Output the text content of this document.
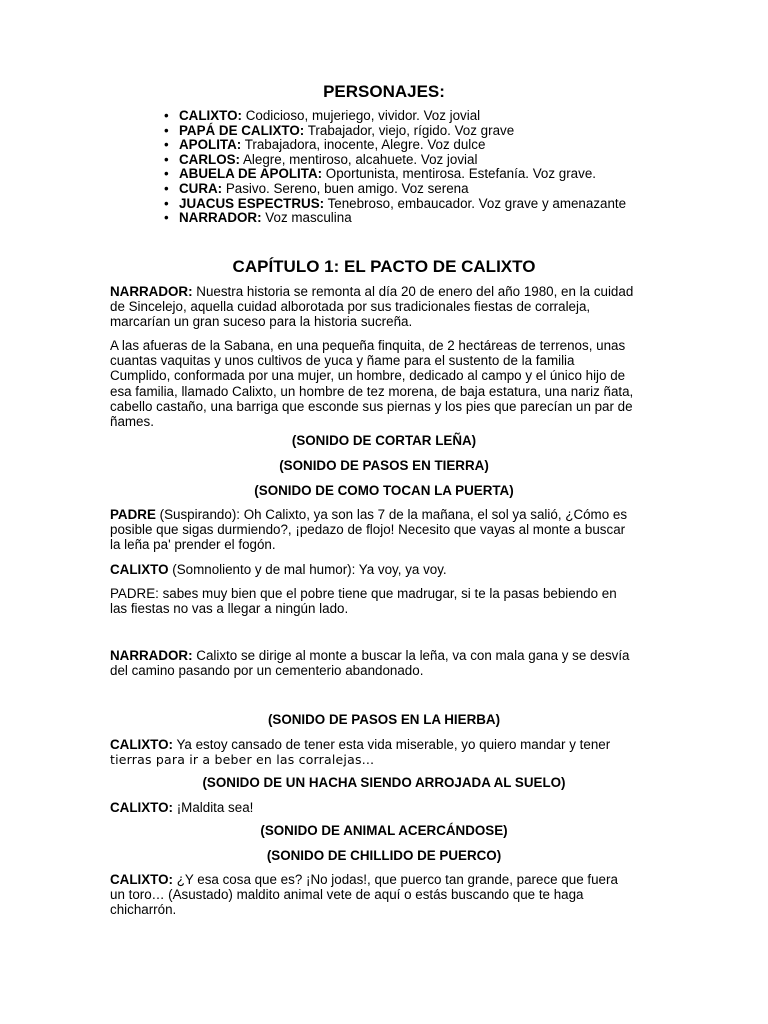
PERSONAJES:
• CALIXTO: Codicioso, mujeriego, vividor. Voz jovial
• PAPÁ DE CALIXTO: Trabajador, viejo, rígido. Voz grave
• APOLITA: Trabajadora, inocente, Alegre. Voz dulce
• CARLOS: Alegre, mentiroso, alcahuete. Voz jovial
• ABUELA DE APOLITA: Oportunista, mentirosa. Estefanía. Voz grave.
• CURA: Pasivo. Sereno, buen amigo. Voz serena
• JUACUS ESPECTRUS: Tenebroso, embaucador. Voz grave y amenazante
• NARRADOR: Voz masculina
CAPÍTULO 1: EL PACTO DE CALIXTO

NARRADOR: Nuestra historia se remonta al día 20 de enero del año 1980, en la cuidad de Sincelejo, aquella cuidad alborotada por sus tradicionales fiestas de corraleja, marcarían un gran suceso para la historia sucreña.

A las afueras de la Sabana, en una pequeña finquita, de 2 hectáreas de terrenos, unas cuantas vaquitas y unos cultivos de yuca y ñame para el sustento de la familia Cumplido, conformada por una mujer, un hombre, dedicado al campo y el único hijo de esa familia, llamado Calixto, un hombre de tez morena, de baja estatura, una nariz ñata, cabello castaño, una barriga que esconde sus piernas y los pies que parecían un par de ñames.

(SONIDO DE CORTAR LEÑA)

(SONIDO DE PASOS EN TIERRA)

(SONIDO DE COMO TOCAN LA PUERTA)

PADRE (Suspirando): Oh Calixto, ya son las 7 de la mañana, el sol ya salió, ¿Cómo es posible que sigas durmiendo?, ¡pedazo de flojo! Necesito que vayas al monte a buscar la leña pa' prender el fogón.

CALIXTO (Somnoliento y de mal humor): Ya voy, ya voy.

PADRE: sabes muy bien que el pobre tiene que madrugar, si te la pasas bebiendo en las fiestas no vas a llegar a ningún lado.

NARRADOR: Calixto se dirige al monte a buscar la leña, va con mala gana y se desvía del camino pasando por un cementerio abandonado.

(SONIDO DE PASOS EN LA HIERBA)

CALIXTO: Ya estoy cansado de tener esta vida miserable, yo quiero mandar y tener
tierras para ir a beber en las corralejas…

(SONIDO DE UN HACHA SIENDO ARROJADA AL SUELO)

CALIXTO: ¡Maldita sea!

(SONIDO DE ANIMAL ACERCÁNDOSE)

(SONIDO DE CHILLIDO DE PUERCO)

CALIXTO: ¿Y esa cosa que es? ¡No jodas!, que puerco tan grande, parece que fuera un toro… (Asustado) maldito animal vete de aquí o estás buscando que te haga chicharrón.
